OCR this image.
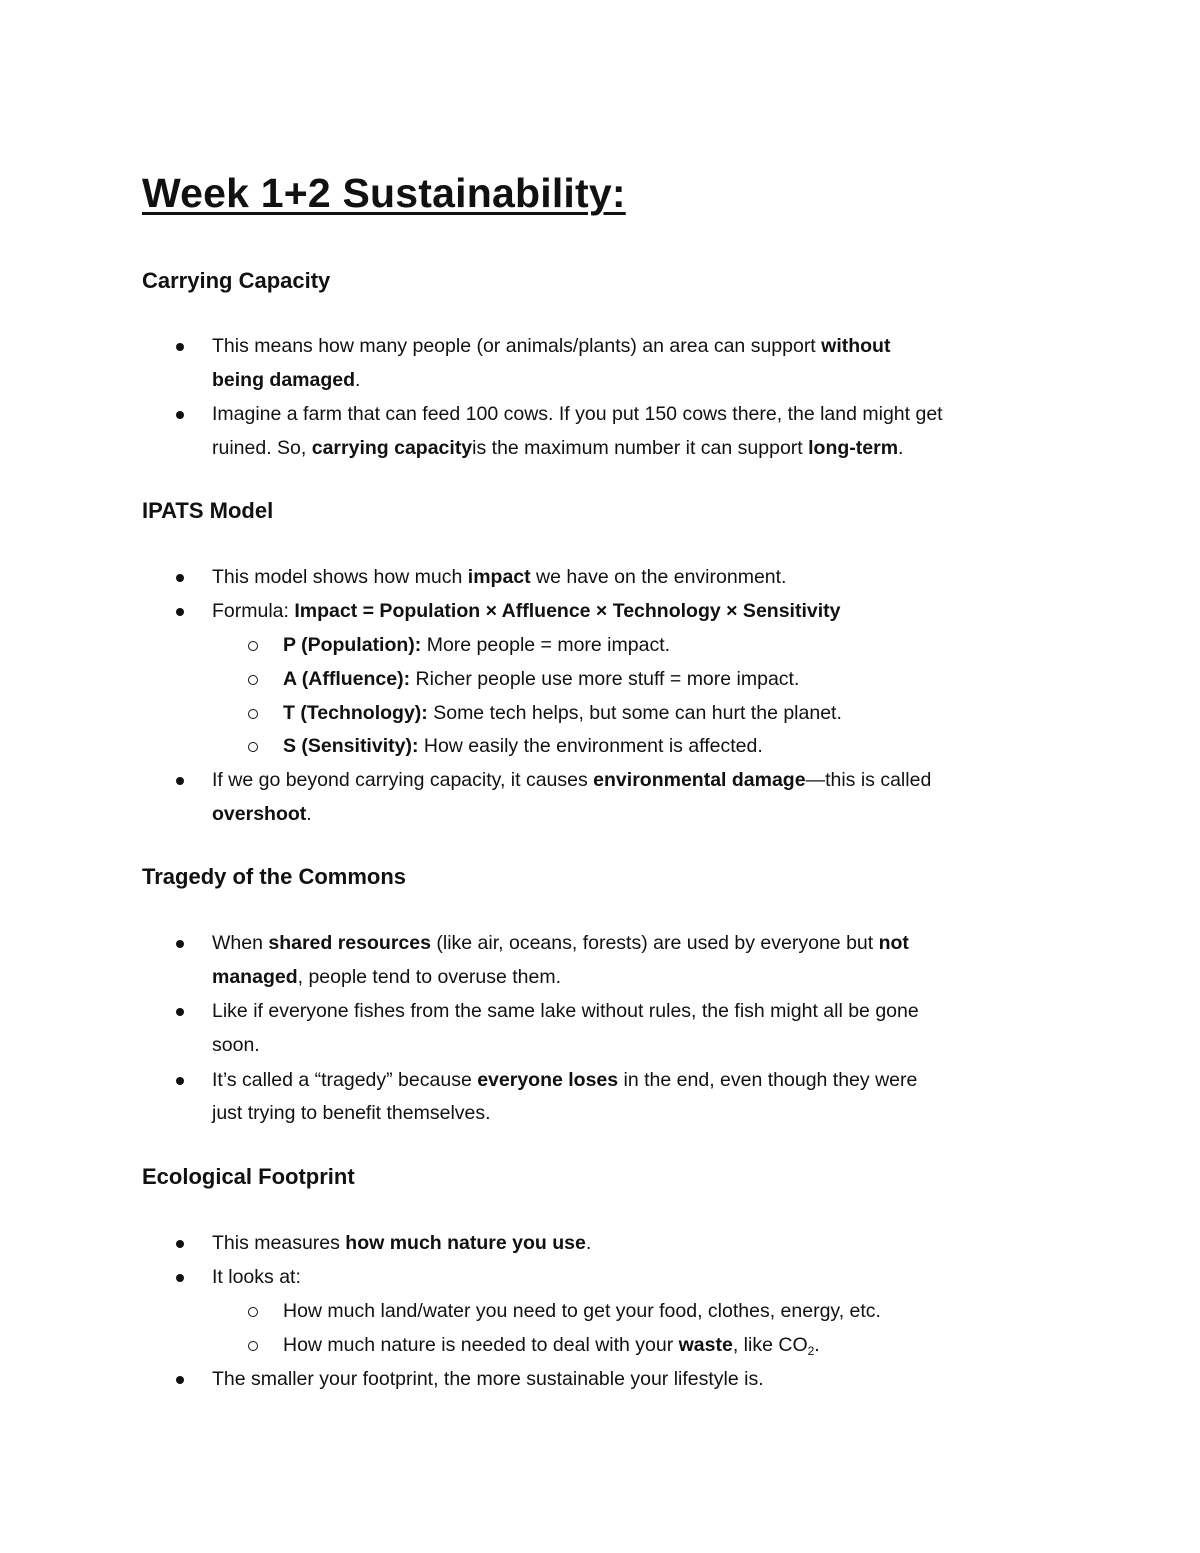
Week 1+2 Sustainability:
Carrying Capacity
This means how many people (or animals/plants) an area can support without
being damaged.
Imagine a farm that can feed 100 cows. If you put 150 cows there, the land might get
ruined. So, carrying capacityis the maximum number it can support long-term.
IPATS Model
This model shows how much impact we have on the environment.
Formula: Impact = Population × Affluence × Technology × Sensitivity
P (Population): More people = more impact.
A (Affluence): Richer people use more stuff = more impact.
T (Technology): Some tech helps, but some can hurt the planet.
S (Sensitivity): How easily the environment is affected.
If we go beyond carrying capacity, it causes environmental damage—this is called
overshoot.
Tragedy of the Commons
When shared resources (like air, oceans, forests) are used by everyone but not
managed, people tend to overuse them.
Like if everyone fishes from the same lake without rules, the fish might all be gone
soon.
It’s called a “tragedy” because everyone loses in the end, even though they were
just trying to benefit themselves.
Ecological Footprint
This measures how much nature you use.
It looks at:
How much land/water you need to get your food, clothes, energy, etc.
How much nature is needed to deal with your waste, like $CO_2$.
The smaller your footprint, the more sustainable your lifestyle is.
